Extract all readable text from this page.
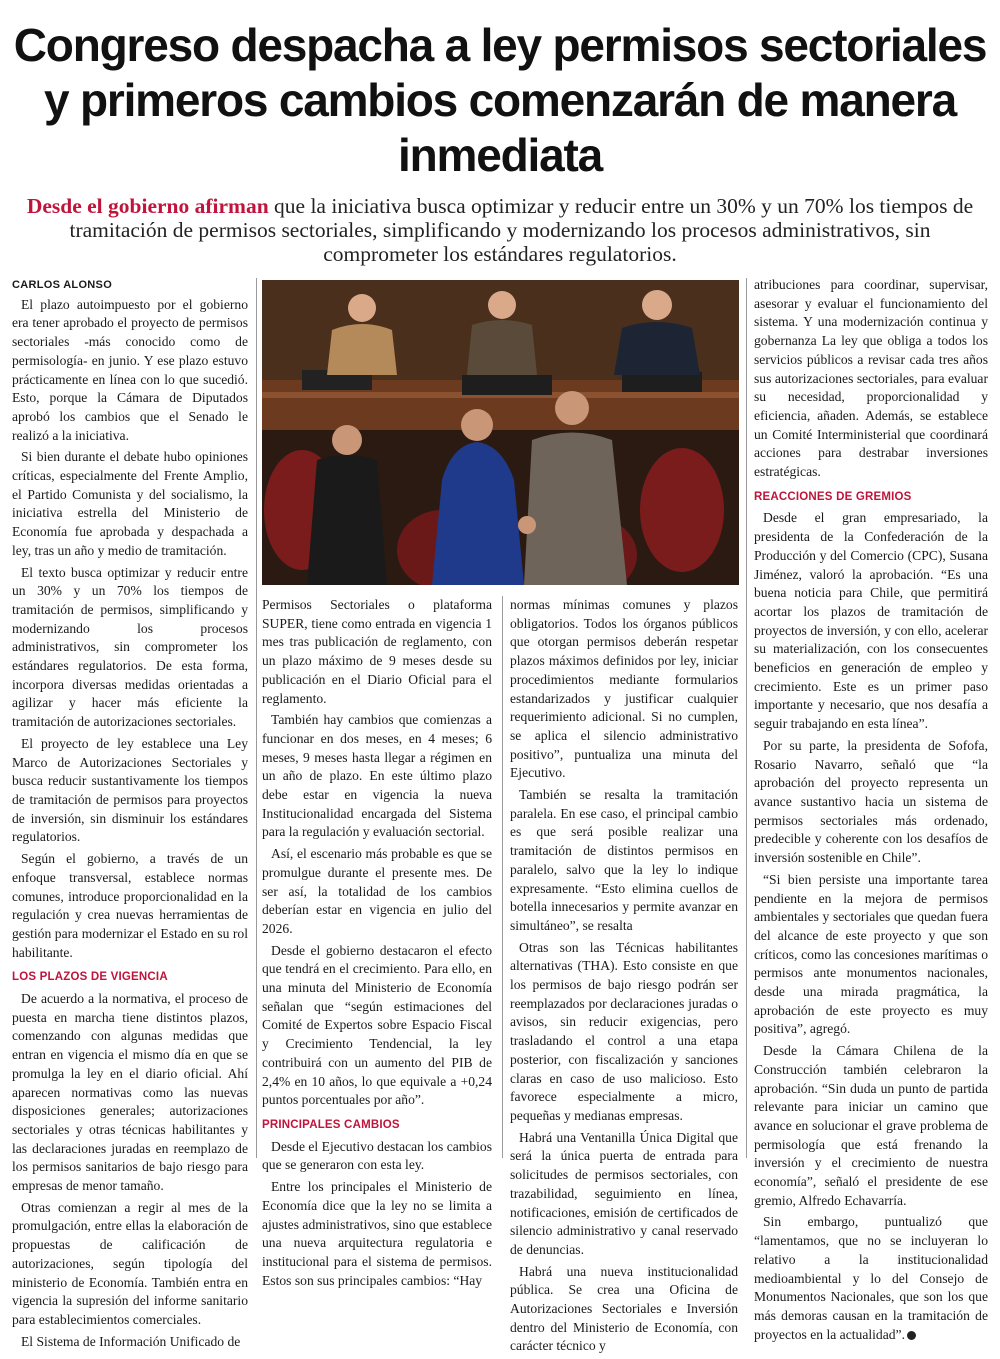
Congreso despacha a ley permisos sectoriales y primeros cambios comenzarán de manera inmediata

Desde el gobierno afirman que la iniciativa busca optimizar y reducir entre un 30% y un 70% los tiempos de tramitación de permisos sectoriales, simplificando y modernizando los procesos administrativos, sin comprometer los estándares regulatorios.

CARLOS ALONSO

El plazo autoimpuesto por el gobierno era tener aprobado el proyecto de permisos sectoriales -más conocido como de permisología- en junio. Y ese plazo estuvo prácticamente en línea con lo que sucedió. Esto, porque la Cámara de Diputados aprobó los cambios que el Senado le realizó a la iniciativa.

Si bien durante el debate hubo opiniones críticas, especialmente del Frente Amplio, el Partido Comunista y del socialismo, la iniciativa estrella del Ministerio de Economía fue aprobada y despachada a ley, tras un año y medio de tramitación.

El texto busca optimizar y reducir entre un 30% y un 70% los tiempos de tramitación de permisos, simplificando y modernizando los procesos administrativos, sin comprometer los estándares regulatorios. De esta forma, incorpora diversas medidas orientadas a agilizar y hacer más eficiente la tramitación de autorizaciones sectoriales.

El proyecto de ley establece una Ley Marco de Autorizaciones Sectoriales y busca reducir sustantivamente los tiempos de tramitación de permisos para proyectos de inversión, sin disminuir los estándares regulatorios.

Según el gobierno, a través de un enfoque transversal, establece normas comunes, introduce proporcionalidad en la regulación y crea nuevas herramientas de gestión para modernizar el Estado en su rol habilitante.

LOS PLAZOS DE VIGENCIA

De acuerdo a la normativa, el proceso de puesta en marcha tiene distintos plazos, comenzando con algunas medidas que entran en vigencia el mismo día en que se promulga la ley en el diario oficial. Ahí aparecen normativas como las nuevas disposiciones generales; autorizaciones sectoriales y otras técnicas habilitantes y las declaraciones juradas en reemplazo de los permisos sanitarios de bajo riesgo para empresas de menor tamaño.

Otras comienzan a regir al mes de la promulgación, entre ellas la elaboración de propuestas de calificación de autorizaciones, según tipología del ministerio de Economía. También entra en vigencia la supresión del informe sanitario para establecimientos comerciales.

El Sistema de Información Unificado de

Permisos Sectoriales o plataforma SUPER, tiene como entrada en vigencia 1 mes tras publicación de reglamento, con un plazo máximo de 9 meses desde su publicación en el Diario Oficial para el reglamento.

También hay cambios que comienzas a funcionar en dos meses, en 4 meses; 6 meses, 9 meses hasta llegar a régimen en un año de plazo. En este último plazo debe estar en vigencia la nueva Institucionalidad encargada del Sistema para la regulación y evaluación sectorial.

Así, el escenario más probable es que se promulgue durante el presente mes. De ser así, la totalidad de los cambios deberían estar en vigencia en julio del 2026.

Desde el gobierno destacaron el efecto que tendrá en el crecimiento. Para ello, en una minuta del Ministerio de Economía señalan que “según estimaciones del Comité de Expertos sobre Espacio Fiscal y Crecimiento Tendencial, la ley contribuirá con un aumento del PIB de 2,4% en 10 años, lo que equivale a +0,24 puntos porcentuales por año”.

PRINCIPALES CAMBIOS

Desde el Ejecutivo destacan los cambios que se generaron con esta ley.

Entre los principales el Ministerio de Economía dice que la ley no se limita a ajustes administrativos, sino que establece una nueva arquitectura regulatoria e institucional para el sistema de permisos. Estos son sus principales cambios: “Hay

normas mínimas comunes y plazos obligatorios. Todos los órganos públicos que otorgan permisos deberán respetar plazos máximos definidos por ley, iniciar procedimientos mediante formularios estandarizados y justificar cualquier requerimiento adicional. Si no cumplen, se aplica el silencio administrativo positivo”, puntualiza una minuta del Ejecutivo.

También se resalta la tramitación paralela. En ese caso, el principal cambio es que será posible realizar una tramitación de distintos permisos en paralelo, salvo que la ley lo indique expresamente. “Esto elimina cuellos de botella innecesarios y permite avanzar en simultáneo”, se resalta

Otras son las Técnicas habilitantes alternativas (THA). Esto consiste en que los permisos de bajo riesgo podrán ser reemplazados por declaraciones juradas o avisos, sin reducir exigencias, pero trasladando el control a una etapa posterior, con fiscalización y sanciones claras en caso de uso malicioso. Esto favorece especialmente a micro, pequeñas y medianas empresas.

Habrá una Ventanilla Única Digital que será la única puerta de entrada para solicitudes de permisos sectoriales, con trazabilidad, seguimiento en línea, notificaciones, emisión de certificados de silencio administrativo y canal reservado de denuncias.

Habrá una nueva institucionalidad pública. Se crea una Oficina de Autorizaciones Sectoriales e Inversión dentro del Ministerio de Economía, con carácter técnico y

atribuciones para coordinar, supervisar, asesorar y evaluar el funcionamiento del sistema. Y una modernización continua y gobernanza La ley que obliga a todos los servicios públicos a revisar cada tres años sus autorizaciones sectoriales, para evaluar su necesidad, proporcionalidad y eficiencia, añaden. Además, se establece un Comité Interministerial que coordinará acciones para destrabar inversiones estratégicas.

REACCIONES DE GREMIOS

Desde el gran empresariado, la presidenta de la Confederación de la Producción y del Comercio (CPC), Susana Jiménez, valoró la aprobación. “Es una buena noticia para Chile, que permitirá acortar los plazos de tramitación de proyectos de inversión, y con ello, acelerar su materialización, con los consecuentes beneficios en generación de empleo y crecimiento. Este es un primer paso importante y necesario, que nos desafía a seguir trabajando en esta línea”.

Por su parte, la presidenta de Sofofa, Rosario Navarro, señaló que “la aprobación del proyecto representa un avance sustantivo hacia un sistema de permisos sectoriales más ordenado, predecible y coherente con los desafíos de inversión sostenible en Chile”.

“Si bien persiste una importante tarea pendiente en la mejora de permisos ambientales y sectoriales que quedan fuera del alcance de este proyecto y que son críticos, como las concesiones marítimas o permisos ante monumentos nacionales, desde una mirada pragmática, la aprobación de este proyecto es muy positiva”, agregó.

Desde la Cámara Chilena de la Construcción también celebraron la aprobación. “Sin duda un punto de partida relevante para iniciar un camino que avance en solucionar el grave problema de permisología que está frenando la inversión y el crecimiento de nuestra economía”, señaló el presidente de ese gremio, Alfredo Echavarría.

Sin embargo, puntualizó que “lamentamos, que no se incluyeran lo relativo a la institucionalidad medioambiental y lo del Consejo de Monumentos Nacionales, que son los que más demoras causan en la tramitación de proyectos en la actualidad”.
